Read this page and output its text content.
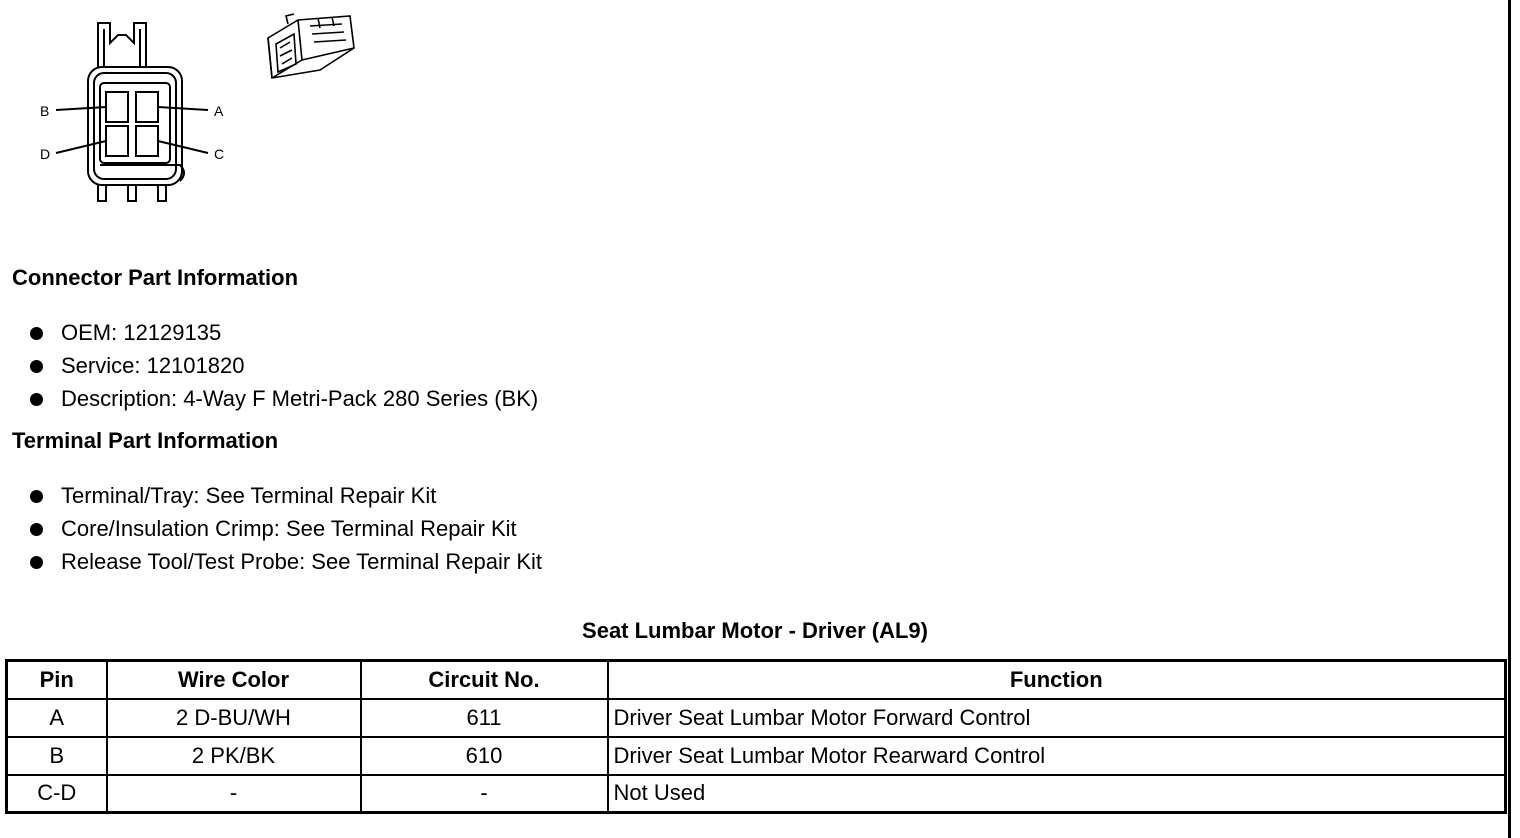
B	A
D	C
Connector Part Information
OEM: 12129135
Service: 12101820
Description: 4-Way F Metri-Pack 280 Series (BK)
Terminal Part Information
Terminal/Tray: See Terminal Repair Kit
Core/Insulation Crimp: See Terminal Repair Kit
Release Tool/Test Probe: See Terminal Repair Kit
Seat Lumbar Motor - Driver (AL9)
Pin	Wire Color	Circuit No.	Function
A	2 D-BU/WH	611	Driver Seat Lumbar Motor Forward Control
B	2 PK/BK	610	Driver Seat Lumbar Motor Rearward Control
C-D	-	-	Not Used
